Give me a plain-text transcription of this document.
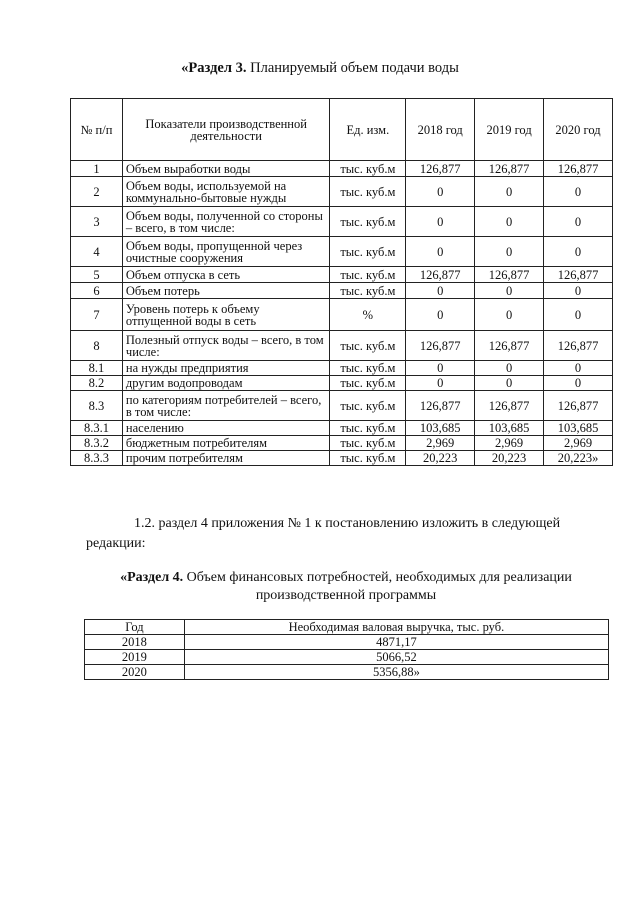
«Раздел 3. Планируемый объем подачи воды
№ п/п	Показатели производственной деятельности	Ед. изм.	2018 год	2019 год	2020 год
1	Объем выработки воды	тыс. куб.м	126,877	126,877	126,877
2	Объем воды, используемой на коммунально-бытовые нужды	тыс. куб.м	0	0	0
3	Объем воды, полученной со стороны – всего, в том числе:	тыс. куб.м	0	0	0
4	Объем воды, пропущенной через очистные сооружения	тыс. куб.м	0	0	0
5	Объем отпуска в сеть	тыс. куб.м	126,877	126,877	126,877
6	Объем потерь	тыс. куб.м	0	0	0
7	Уровень потерь к объему отпущенной воды в сеть	%	0	0	0
8	Полезный отпуск воды – всего, в том числе:	тыс. куб.м	126,877	126,877	126,877
8.1	на нужды предприятия	тыс. куб.м	0	0	0
8.2	другим водопроводам	тыс. куб.м	0	0	0
8.3	по категориям потребителей – всего, в том числе:	тыс. куб.м	126,877	126,877	126,877
8.3.1	населению	тыс. куб.м	103,685	103,685	103,685
8.3.2	бюджетным потребителям	тыс. куб.м	2,969	2,969	2,969
8.3.3	прочим потребителям	тыс. куб.м	20,223	20,223	20,223»
1.2. раздел 4 приложения № 1 к постановлению изложить в следующей редакции:
«Раздел 4. Объем финансовых потребностей, необходимых для реализации производственной программы
Год	Необходимая валовая выручка, тыс. руб.
2018	4871,17
2019	5066,52
2020	5356,88»
